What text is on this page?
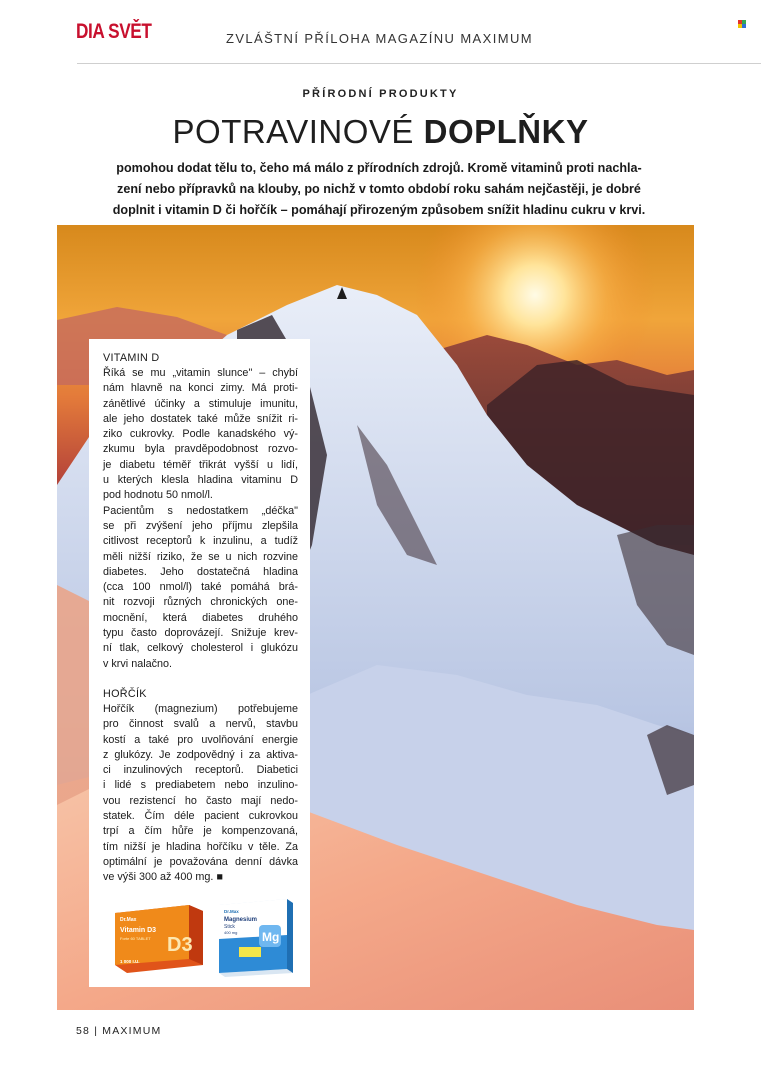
DIA SVĚT	ZVLÁŠTNÍ PŘÍLOHA MAGAZÍNU MAXIMUM
PŘÍRODNÍ PRODUKTY
POTRAVINOVÉ DOPLŇKY
pomohou dodat tělu to, čeho má málo z přírodních zdrojů. Kromě vitaminů proti nachla-
zení nebo přípravků na klouby, po nichž v tomto období roku sahám nejčastěji, je dobré
doplnit i vitamin D či hořčík – pomáhají přirozeným způsobem snížit hladinu cukru v krvi.
VITAMIN D
Říká se mu „vitamin slunce" – chybí
nám hlavně na konci zimy. Má proti-
zánětlivé účinky a stimuluje imunitu,
ale jeho dostatek také může snížit ri-
ziko cukrovky. Podle kanadského vý-
zkumu byla pravděpodobnost rozvo-
je diabetu téměř třikrát vyšší u lidí,
u kterých klesla hladina vitaminu D
pod hodnotu 50 nmol/l.
Pacientům s nedostatkem „déčka"
se při zvýšení jeho příjmu zlepšila
citlivost receptorů k inzulinu, a tudíž
měli nižší riziko, že se u nich rozvine
diabetes. Jeho dostatečná hladina
(cca 100 nmol/l) také pomáhá brá-
nit rozvoji různých chronických one-
mocnění, která diabetes druhého
typu často doprovázejí. Snižuje krev-
ní tlak, celkový cholesterol i glukózu
v krvi nalačno.
HOŘČÍK
Hořčík (magnezium) potřebujeme
pro činnost svalů a nervů, stavbu
kostí a také pro uvolňování energie
z glukózy. Je zodpovědný i za aktiva-
ci inzulinových receptorů. Diabetici
i lidé s prediabetem nebo inzulino-
vou rezistencí ho často mají nedo-
statek. Čím déle pacient cukrovkou
trpí a čím hůře je kompenzovaná,
tím nižší je hladina hořčíku v těle. Za
optimální je považována denní dávka
ve výši 300 až 400 mg. ■
Dr.Max
Vitamin D3
Forte 60 TABLET D3
1 000 I.U.
Dr.Max
Magnesium
Stick
400 mg Mg
58 | MAXIMUM
